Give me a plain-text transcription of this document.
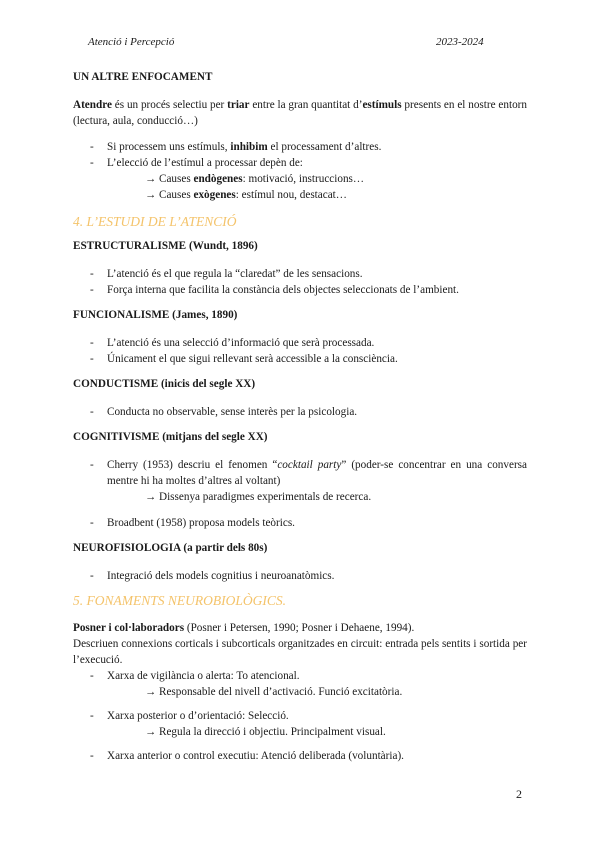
Atenció i Percepció	2023-2024

UN ALTRE ENFOCAMENT

Atendre és un procés selectiu per triar entre la gran quantitat d’estímuls presents en el nostre entorn (lectura, aula, conducció…)

- Si processem uns estímuls, inhibim el processament d’altres.
- L’elecció de l’estímul a processar depèn de:
→ Causes endògenes: motivació, instruccions…
→ Causes exògenes: estímul nou, destacat…

4. L’ESTUDI DE L’ATENCIÓ

ESTRUCTURALISME (Wundt, 1896)

- L’atenció és el que regula la “claredat” de les sensacions.
- Força interna que facilita la constància dels objectes seleccionats de l’ambient.

FUNCIONALISME (James, 1890)

- L’atenció és una selecció d’informació que serà processada.
- Únicament el que sigui rellevant serà accessible a la consciència.

CONDUCTISME (inicis del segle XX)

- Conducta no observable, sense interès per la psicologia.

COGNITIVISME (mitjans del segle XX)

- Cherry (1953) descriu el fenomen “cocktail party” (poder-se concentrar en una conversa mentre hi ha moltes d’altres al voltant)
→ Dissenya paradigmes experimentals de recerca.
- Broadbent (1958) proposa models teòrics.

NEUROFISIOLOGIA (a partir dels 80s)

- Integració dels models cognitius i neuroanatòmics.

5. FONAMENTS NEUROBIOLÒGICS.

Posner i col·laboradors (Posner i Petersen, 1990; Posner i Dehaene, 1994).

Descriuen connexions corticals i subcorticals organitzades en circuit: entrada pels sentits i sortida per l’execució.

- Xarxa de vigilància o alerta: To atencional.
→ Responsable del nivell d’activació. Funció excitatòria.
- Xarxa posterior o d’orientació: Selecció.
→ Regula la direcció i objectiu. Principalment visual.
- Xarxa anterior o control executiu: Atenció deliberada (voluntària).
2
